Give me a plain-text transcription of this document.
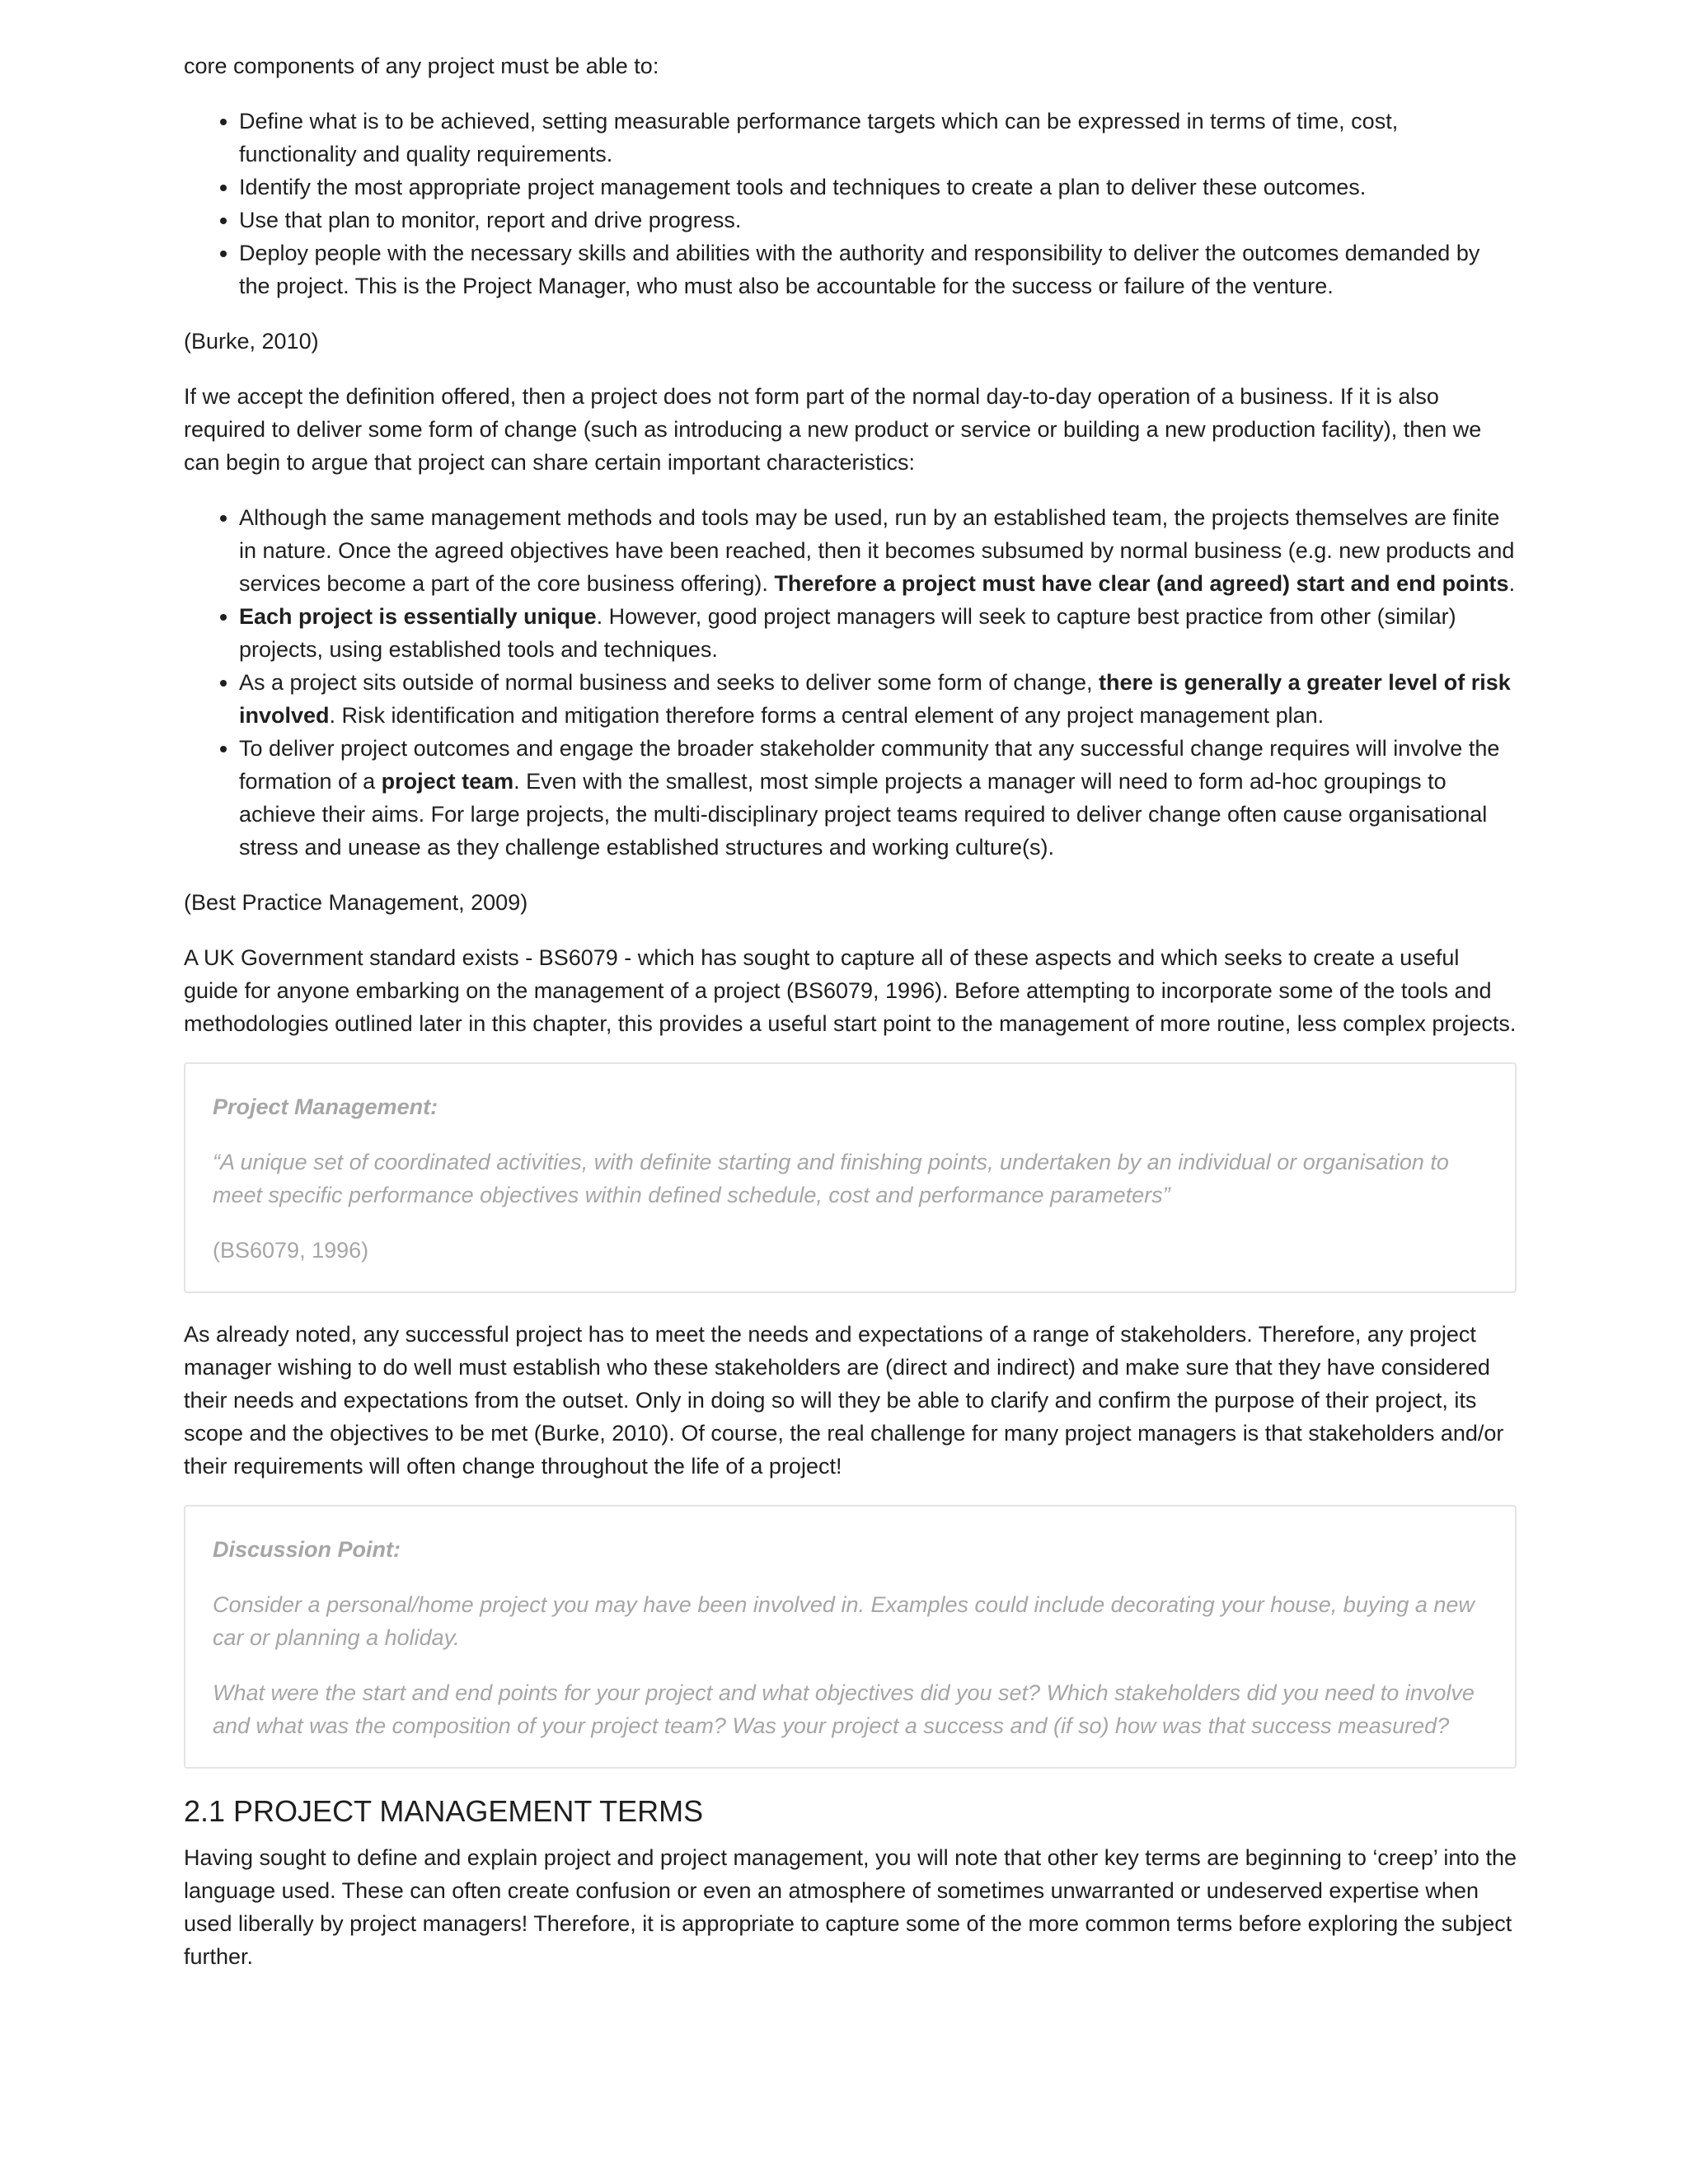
core components of any project must be able to:

• Define what is to be achieved, setting measurable performance targets which can be expressed in terms of time, cost, functionality and quality requirements.
• Identify the most appropriate project management tools and techniques to create a plan to deliver these outcomes.
• Use that plan to monitor, report and drive progress.
• Deploy people with the necessary skills and abilities with the authority and responsibility to deliver the outcomes demanded by the project. This is the Project Manager, who must also be accountable for the success or failure of the venture.

(Burke, 2010)

If we accept the definition offered, then a project does not form part of the normal day-to-day operation of a business. If it is also required to deliver some form of change (such as introducing a new product or service or building a new production facility), then we can begin to argue that project can share certain important characteristics:

• Although the same management methods and tools may be used, run by an established team, the projects themselves are finite in nature. Once the agreed objectives have been reached, then it becomes subsumed by normal business (e.g. new products and services become a part of the core business offering). Therefore a project must have clear (and agreed) start and end points.
• Each project is essentially unique. However, good project managers will seek to capture best practice from other (similar) projects, using established tools and techniques.
• As a project sits outside of normal business and seeks to deliver some form of change, there is generally a greater level of risk involved. Risk identification and mitigation therefore forms a central element of any project management plan.
• To deliver project outcomes and engage the broader stakeholder community that any successful change requires will involve the formation of a project team. Even with the smallest, most simple projects a manager will need to form ad-hoc groupings to achieve their aims. For large projects, the multi-disciplinary project teams required to deliver change often cause organisational stress and unease as they challenge established structures and working culture(s).

(Best Practice Management, 2009)

A UK Government standard exists - BS6079 - which has sought to capture all of these aspects and which seeks to create a useful guide for anyone embarking on the management of a project (BS6079, 1996). Before attempting to incorporate some of the tools and methodologies outlined later in this chapter, this provides a useful start point to the management of more routine, less complex projects.

Project Management:

“A unique set of coordinated activities, with definite starting and finishing points, undertaken by an individual or organisation to meet specific performance objectives within defined schedule, cost and performance parameters”

(BS6079, 1996)

As already noted, any successful project has to meet the needs and expectations of a range of stakeholders. Therefore, any project manager wishing to do well must establish who these stakeholders are (direct and indirect) and make sure that they have considered their needs and expectations from the outset. Only in doing so will they be able to clarify and confirm the purpose of their project, its scope and the objectives to be met (Burke, 2010). Of course, the real challenge for many project managers is that stakeholders and/or their requirements will often change throughout the life of a project!

Discussion Point:

Consider a personal/home project you may have been involved in. Examples could include decorating your house, buying a new car or planning a holiday.

What were the start and end points for your project and what objectives did you set? Which stakeholders did you need to involve and what was the composition of your project team? Was your project a success and (if so) how was that success measured?

2.1 PROJECT MANAGEMENT TERMS

Having sought to define and explain project and project management, you will note that other key terms are beginning to ‘creep’ into the language used. These can often create confusion or even an atmosphere of sometimes unwarranted or undeserved expertise when used liberally by project managers! Therefore, it is appropriate to capture some of the more common terms before exploring the subject further.
